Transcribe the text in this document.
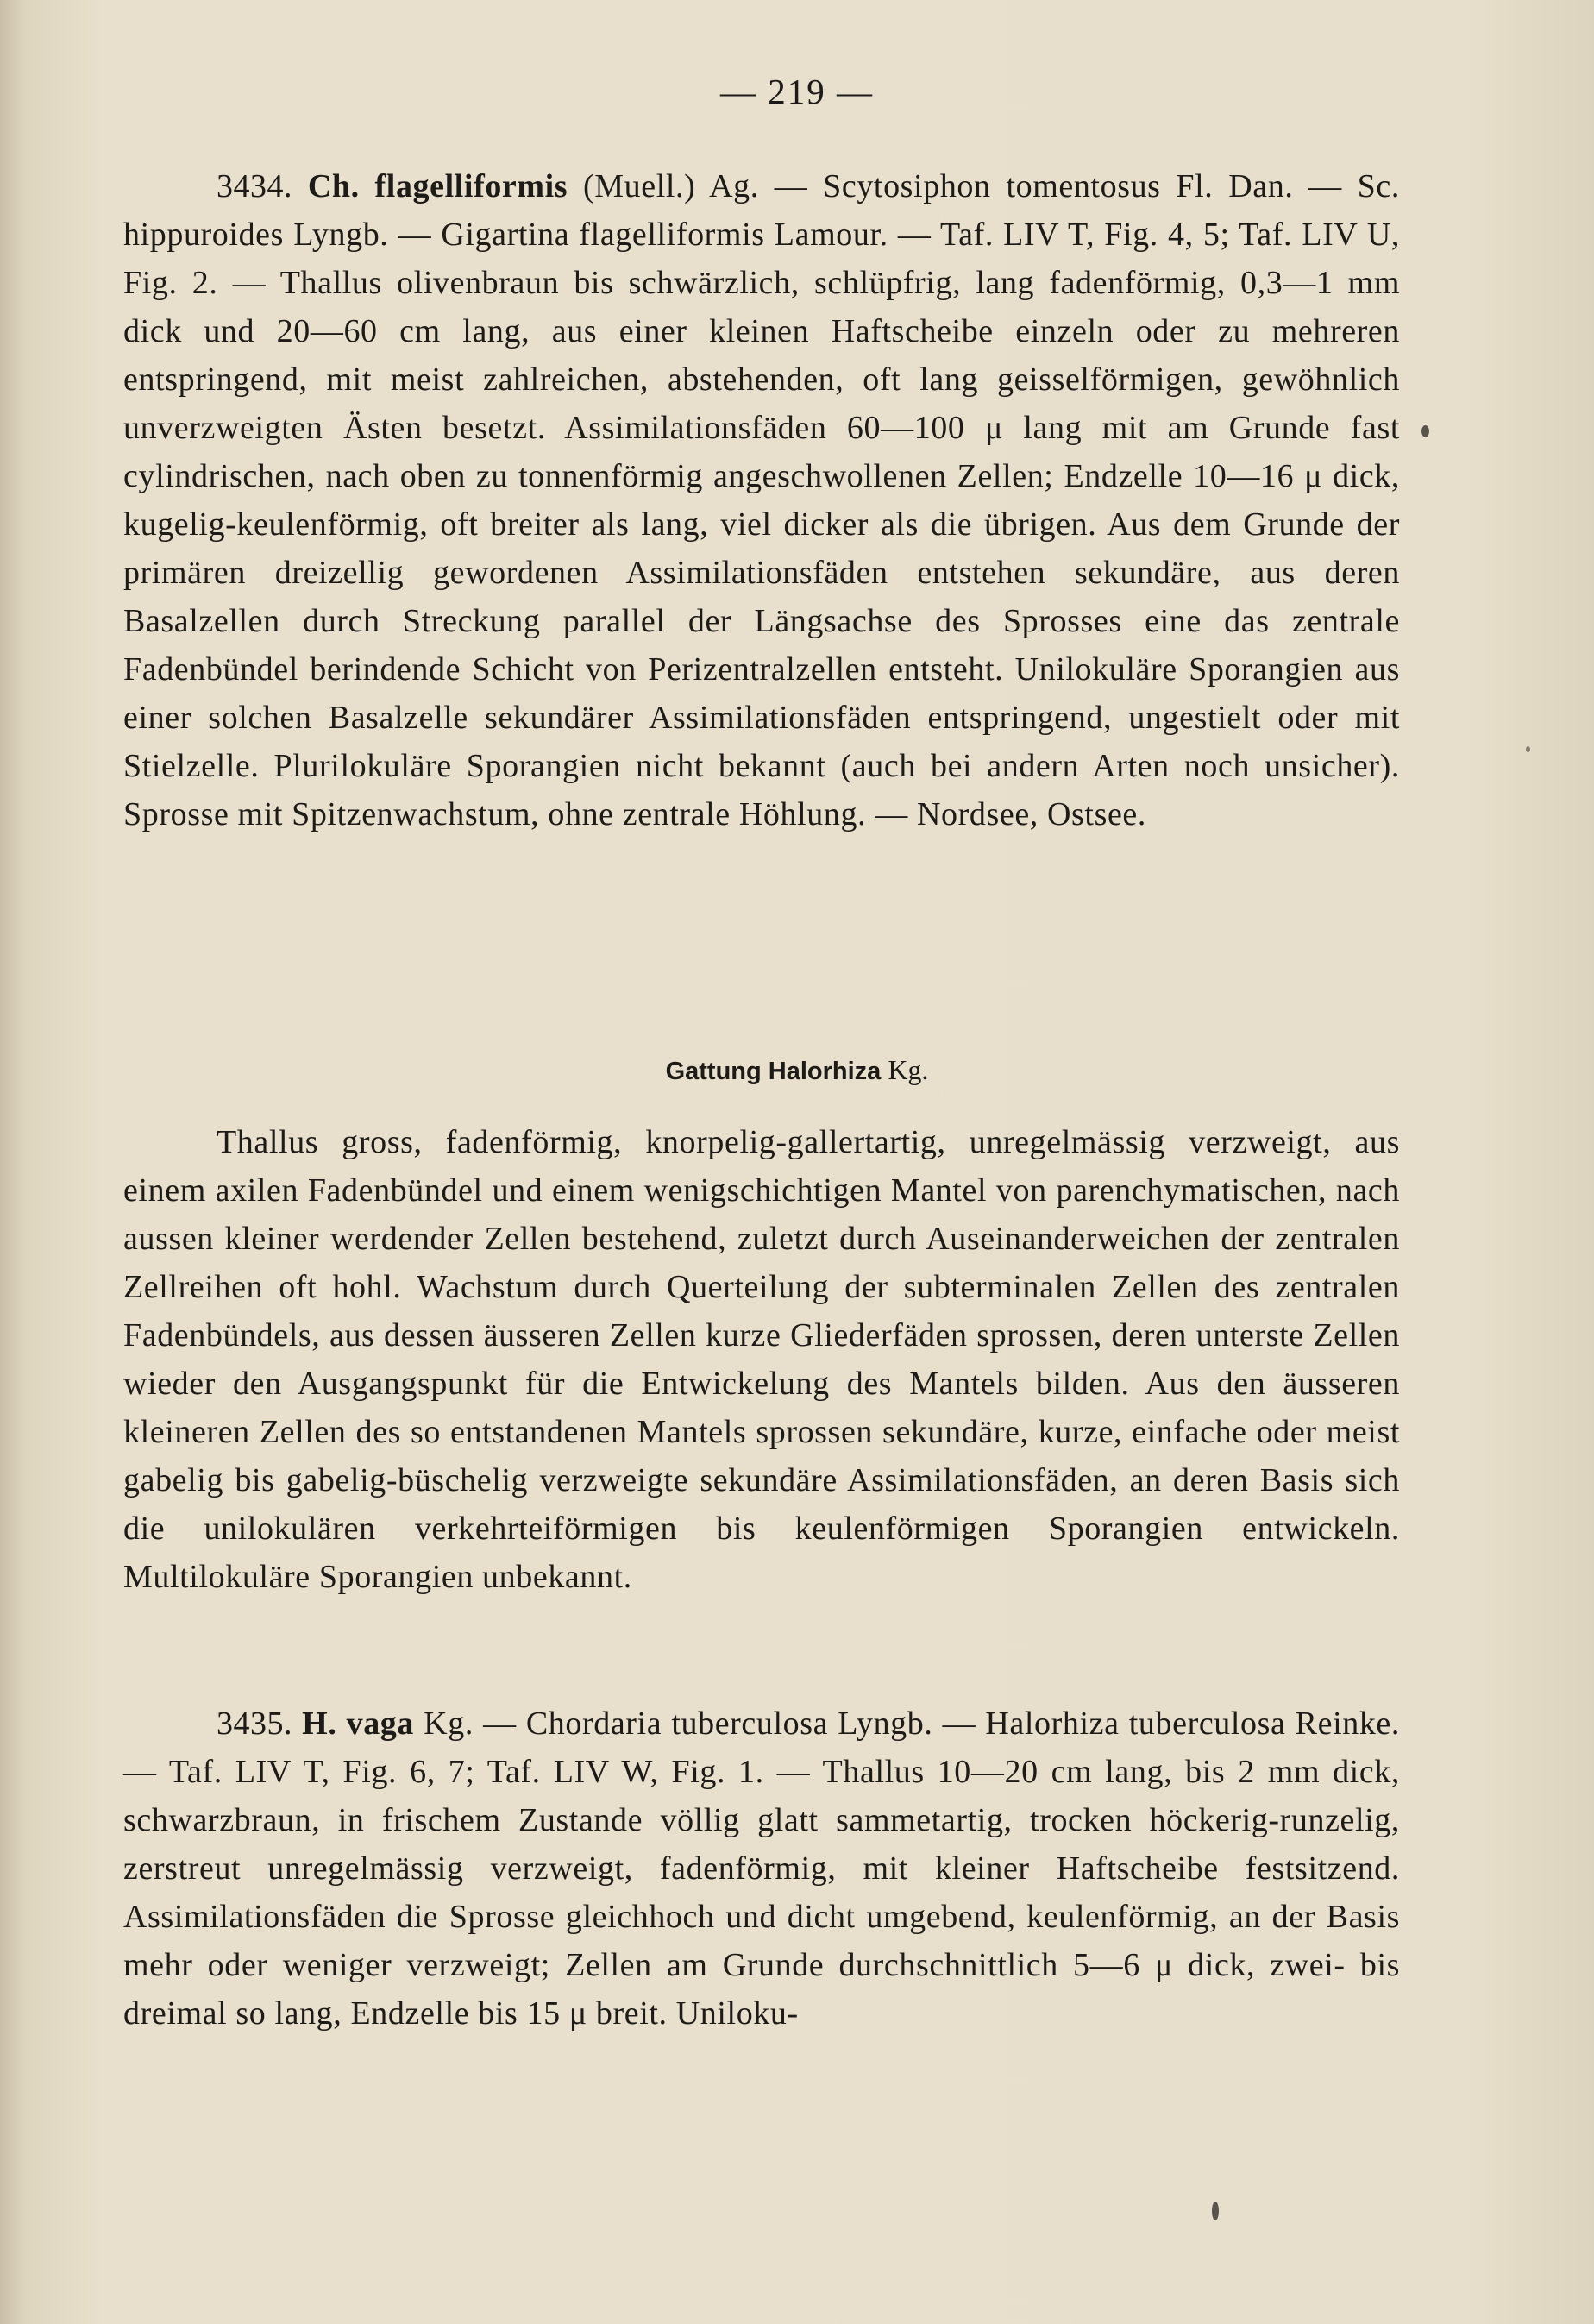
— 219 —
3434. Ch. flagelliformis (Muell.) Ag. — Scytosiphon tomentosus Fl. Dan. — Sc. hippuroides Lyngb. — Gigartina flagelliformis Lamour. — Taf. LIV T, Fig. 4, 5; Taf. LIV U, Fig. 2. — Thallus olivenbraun bis schwärzlich, schlüpfrig, lang fadenförmig, 0,3—1 mm dick und 20—60 cm lang, aus einer kleinen Haftscheibe einzeln oder zu mehreren entspringend, mit meist zahlreichen, abstehenden, oft lang geisselförmigen, gewöhnlich unverzweigten Ästen besetzt. Assimilationsfäden 60—100 μ lang mit am Grunde fast cylindrischen, nach oben zu tonnenförmig angeschwollenen Zellen; Endzelle 10—16 μ dick, kugelig-keulenförmig, oft breiter als lang, viel dicker als die übrigen. Aus dem Grunde der primären dreizellig gewordenen Assimilationsfäden entstehen sekundäre, aus deren Basalzellen durch Streckung parallel der Längsachse des Sprosses eine das zentrale Fadenbündel berindende Schicht von Perizentralzellen entsteht. Unilokuläre Sporangien aus einer solchen Basalzelle sekundärer Assimilationsfäden entspringend, ungestielt oder mit Stielzelle. Plurilokuläre Sporangien nicht bekannt (auch bei andern Arten noch unsicher). Sprosse mit Spitzenwachstum, ohne zentrale Höhlung. — Nordsee, Ostsee.
Gattung Halorhiza Kg.
Thallus gross, fadenförmig, knorpelig-gallertartig, unregelmässig verzweigt, aus einem axilen Fadenbündel und einem wenigschichtigen Mantel von parenchymatischen, nach aussen kleiner werdender Zellen bestehend, zuletzt durch Auseinanderweichen der zentralen Zellreihen oft hohl. Wachstum durch Querteilung der subterminalen Zellen des zentralen Fadenbündels, aus dessen äusseren Zellen kurze Gliederfäden sprossen, deren unterste Zellen wieder den Ausgangspunkt für die Entwickelung des Mantels bilden. Aus den äusseren kleineren Zellen des so entstandenen Mantels sprossen sekundäre, kurze, einfache oder meist gabelig bis gabelig-büschelig verzweigte sekundäre Assimilationsfäden, an deren Basis sich die unilokulären verkehrteiförmigen bis keulenförmigen Sporangien entwickeln. Multilokuläre Sporangien unbekannt.
3435. H. vaga Kg. — Chordaria tuberculosa Lyngb. — Halorhiza tuberculosa Reinke. — Taf. LIV T, Fig. 6, 7; Taf. LIV W, Fig. 1. — Thallus 10—20 cm lang, bis 2 mm dick, schwarzbraun, in frischem Zustande völlig glatt sammetartig, trocken höckerig-runzelig, zerstreut unregelmässig verzweigt, fadenförmig, mit kleiner Haftscheibe festsitzend. Assimilationsfäden die Sprosse gleichhoch und dicht umgebend, keulenförmig, an der Basis mehr oder weniger verzweigt; Zellen am Grunde durchschnittlich 5—6 μ dick, zwei- bis dreimal so lang, Endzelle bis 15 μ breit. Uniloku-
